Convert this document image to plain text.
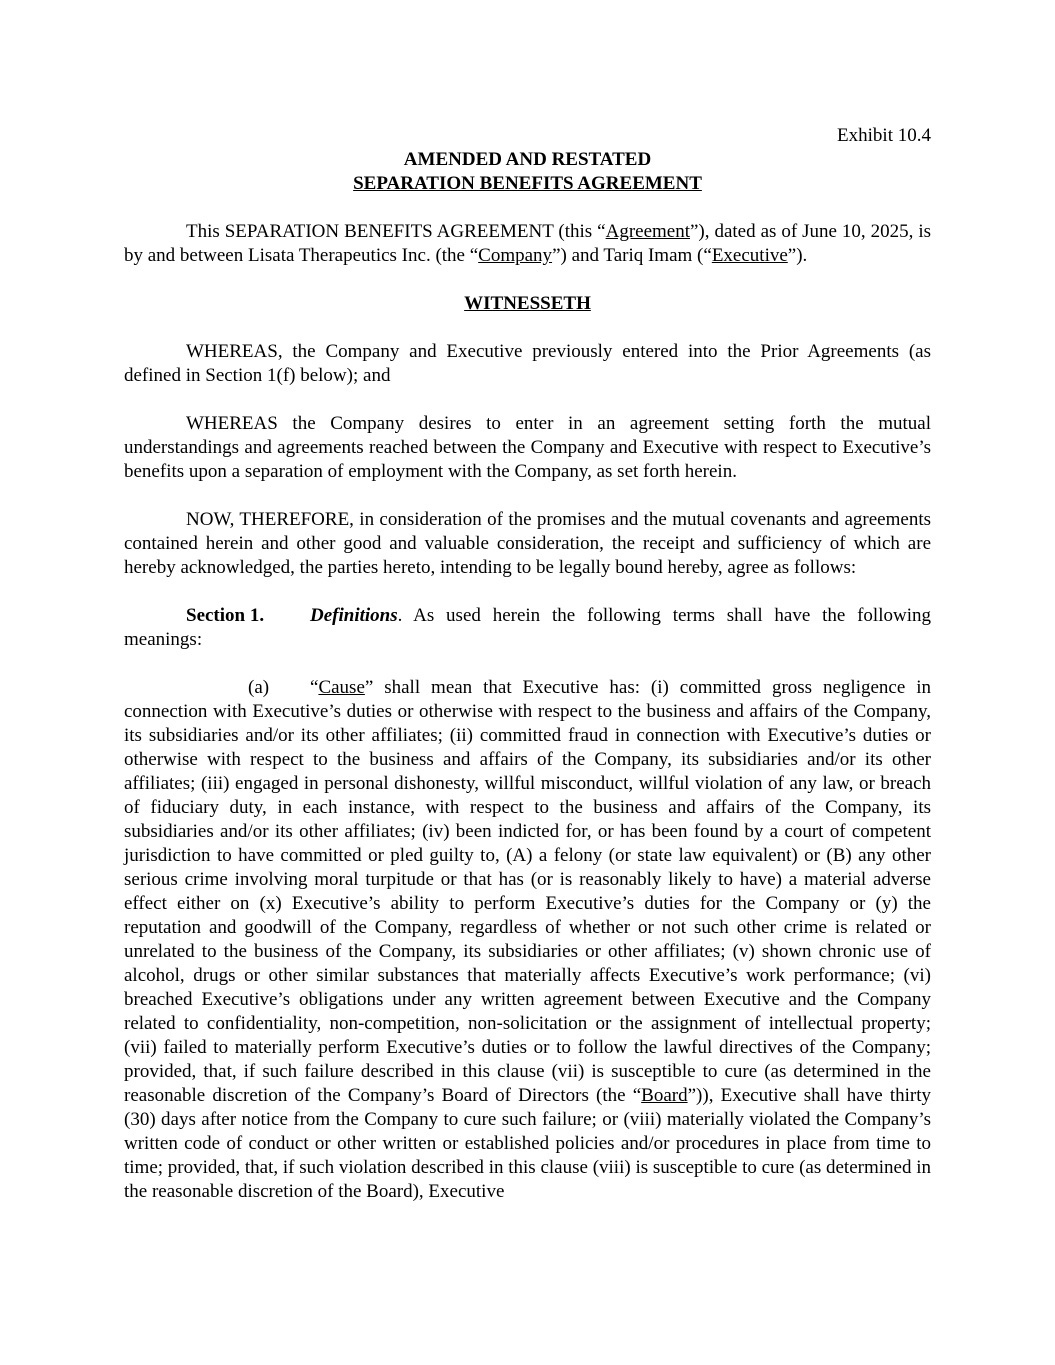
Exhibit 10.4

AMENDED AND RESTATED

SEPARATION BENEFITS AGREEMENT

This SEPARATION BENEFITS AGREEMENT (this “Agreement”), dated as of June 10, 2025, is by and between Lisata Therapeutics Inc. (the “Company”) and Tariq Imam (“Executive”).

WITNESSETH

WHEREAS, the Company and Executive previously entered into the Prior Agreements (as defined in Section 1(f) below); and

WHEREAS the Company desires to enter in an agreement setting forth the mutual understandings and agreements reached between the Company and Executive with respect to Executive’s benefits upon a separation of employment with the Company, as set forth herein.

NOW, THEREFORE, in consideration of the promises and the mutual covenants and agreements contained herein and other good and valuable consideration, the receipt and sufficiency of which are hereby acknowledged, the parties hereto, intending to be legally bound hereby, agree as follows:

Section 1. Definitions. As used herein the following terms shall have the following meanings:

(a) “Cause” shall mean that Executive has: (i) committed gross negligence in connection with Executive’s duties or otherwise with respect to the business and affairs of the Company, its subsidiaries and/or its other affiliates; (ii) committed fraud in connection with Executive’s duties or otherwise with respect to the business and affairs of the Company, its subsidiaries and/or its other affiliates; (iii) engaged in personal dishonesty, willful misconduct, willful violation of any law, or breach of fiduciary duty, in each instance, with respect to the business and affairs of the Company, its subsidiaries and/or its other affiliates; (iv) been indicted for, or has been found by a court of competent jurisdiction to have committed or pled guilty to, (A) a felony (or state law equivalent) or (B) any other serious crime involving moral turpitude or that has (or is reasonably likely to have) a material adverse effect either on (x) Executive’s ability to perform Executive’s duties for the Company or (y) the reputation and goodwill of the Company, regardless of whether or not such other crime is related or unrelated to the business of the Company, its subsidiaries or other affiliates; (v) shown chronic use of alcohol, drugs or other similar substances that materially affects Executive’s work performance; (vi) breached Executive’s obligations under any written agreement between Executive and the Company related to confidentiality, non-competition, non-solicitation or the assignment of intellectual property; (vii) failed to materially perform Executive’s duties or to follow the lawful directives of the Company; provided, that, if such failure described in this clause (vii) is susceptible to cure (as determined in the reasonable discretion of the Company’s Board of Directors (the “Board”)), Executive shall have thirty (30) days after notice from the Company to cure such failure; or (viii) materially violated the Company’s written code of conduct or other written or established policies and/or procedures in place from time to time; provided, that, if such violation described in this clause (viii) is susceptible to cure (as determined in the reasonable discretion of the Board), Executive
